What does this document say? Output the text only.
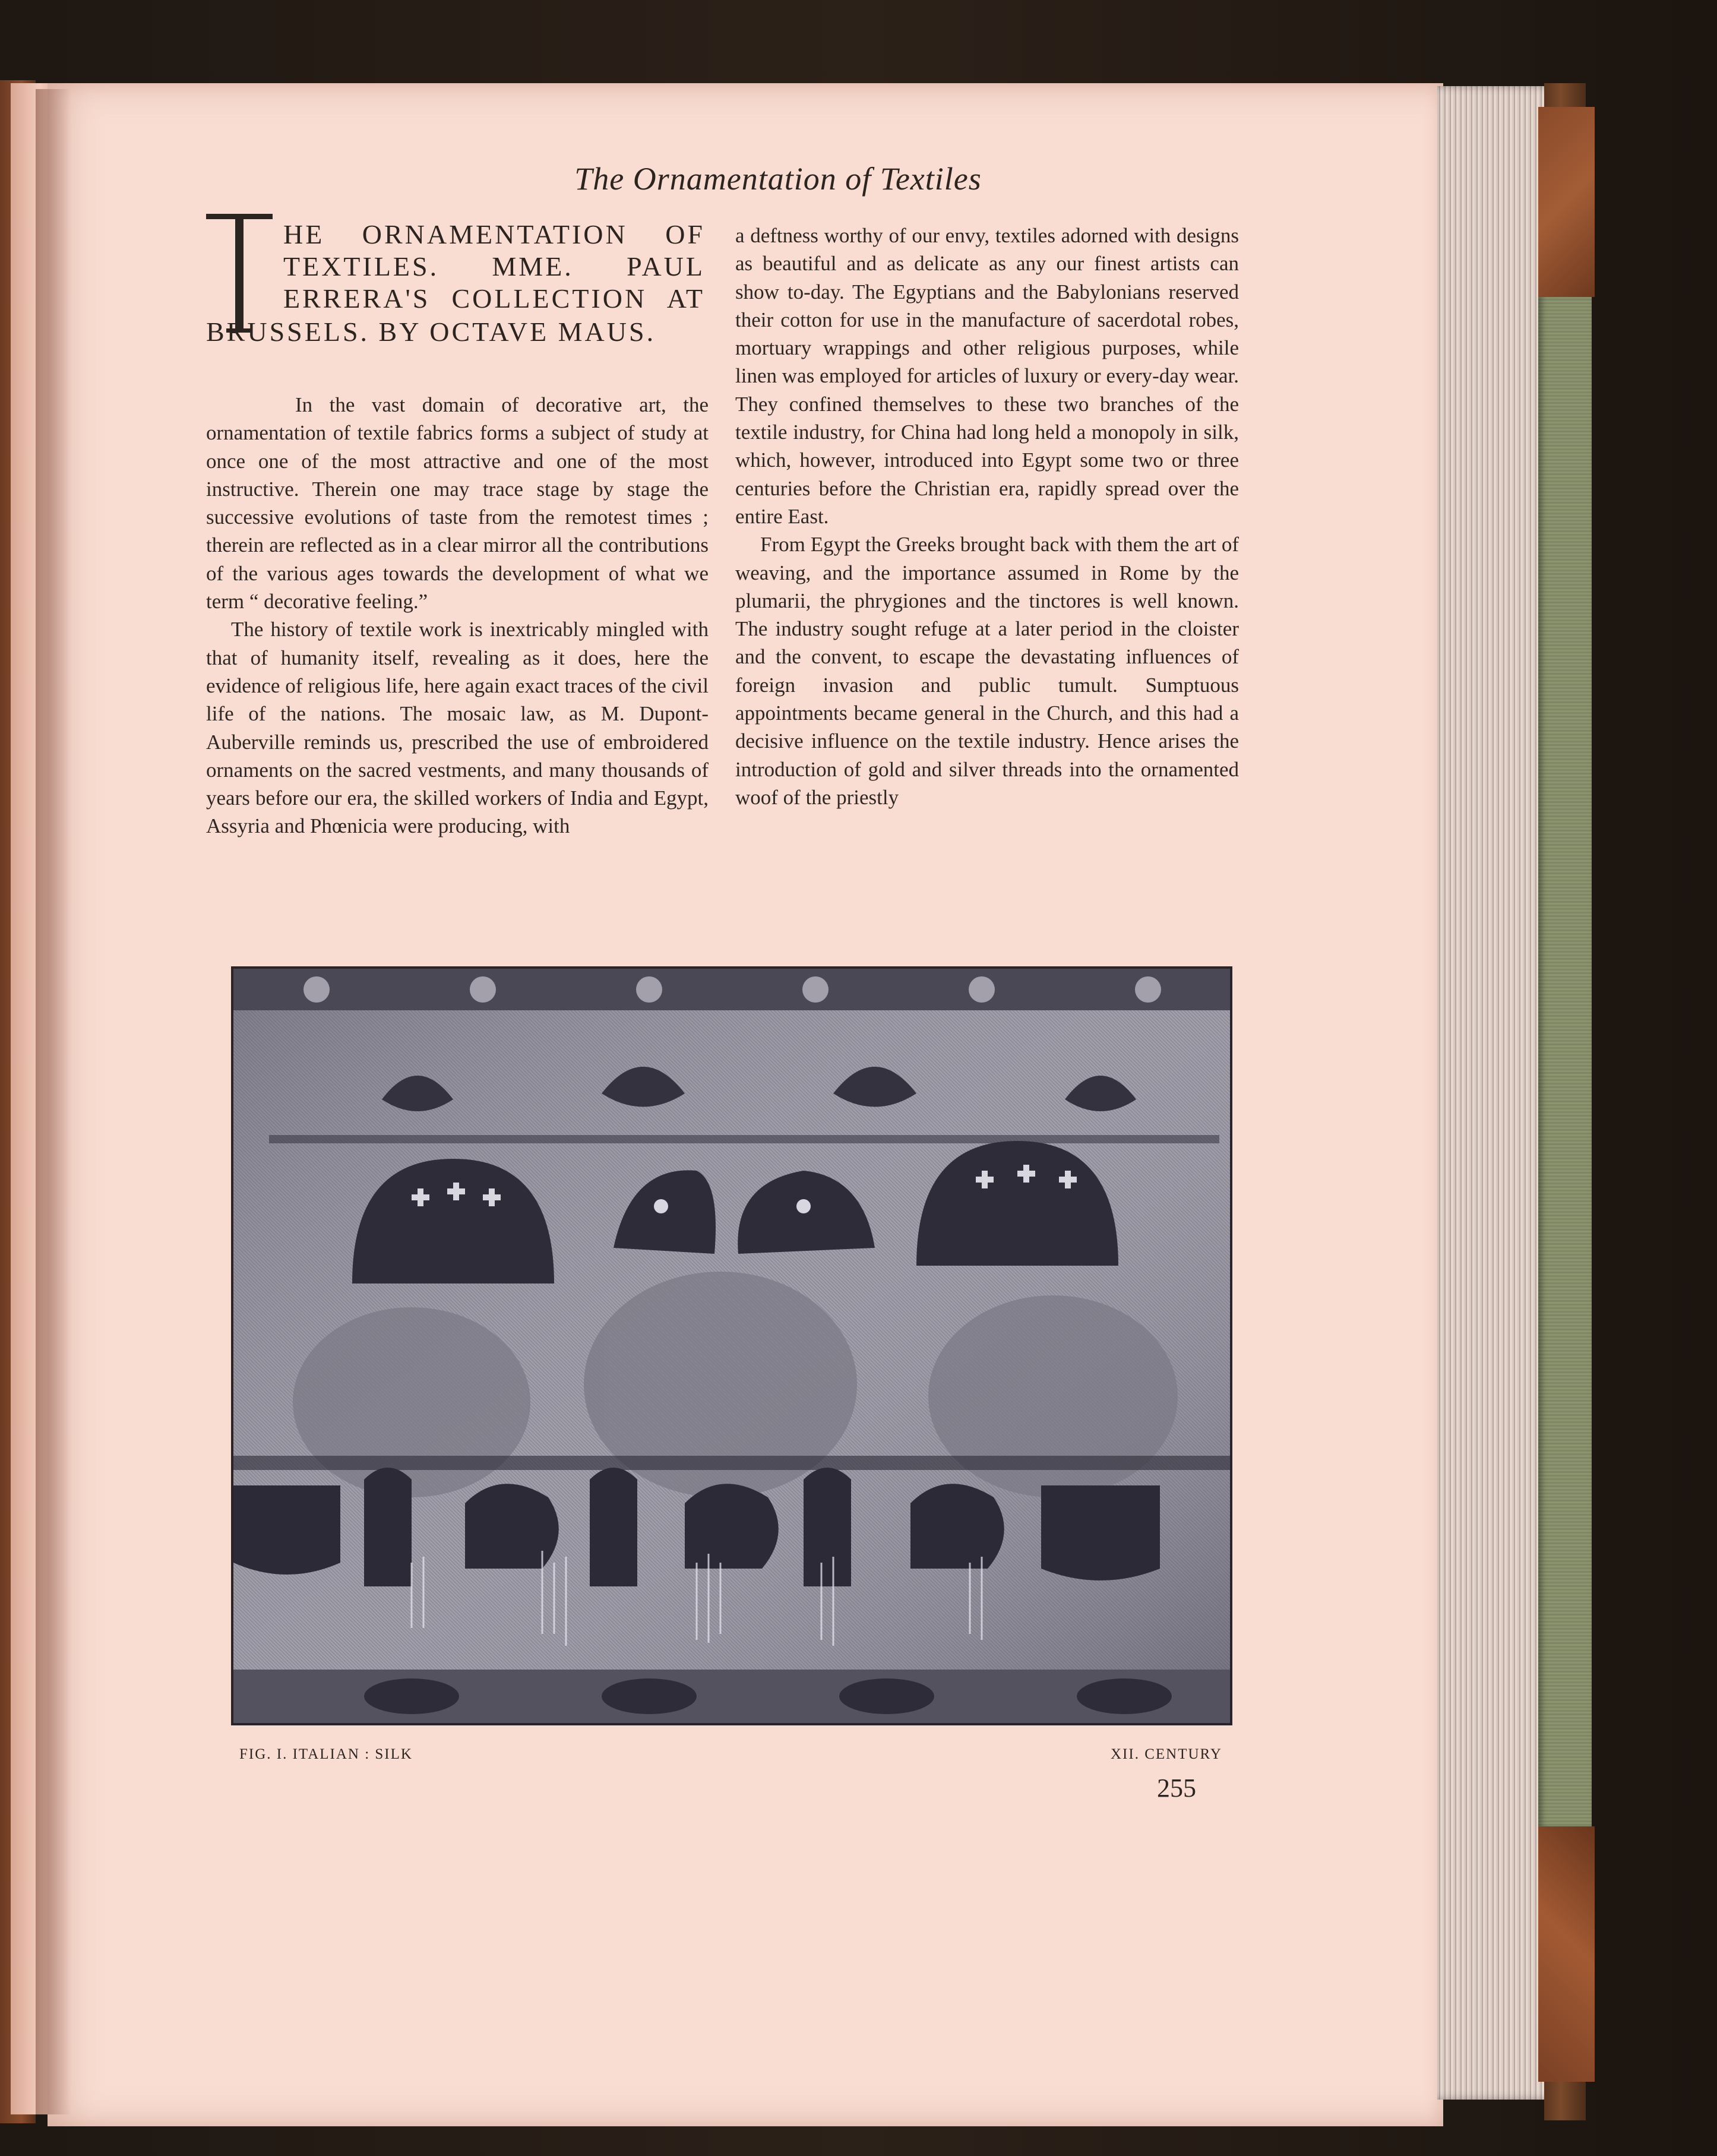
The Ornamentation of Textiles
HE ORNAMENTATION OF
TEXTILES. MME. PAUL
ERRERA'S COLLECTION AT
BRUSSELS. BY OCTAVE MAUS.

In the vast domain of decorative art, the ornamentation of textile fabrics forms a subject of study at once one of the most attractive and one of the most instructive. Therein one may trace stage by stage the successive evolutions of taste from the remotest times ; therein are reflected as in a clear mirror all the contributions of the various ages towards the development of what we term “ decorative feeling.”

The history of textile work is inextricably mingled with that of humanity itself, revealing as it does, here the evidence of religious life, here again exact traces of the civil life of the nations. The mosaic law, as M. Dupont-Auberville reminds us, prescribed the use of embroidered ornaments on the sacred vestments, and many thousands of years before our era, the skilled workers of India and Egypt, Assyria and Phœnicia were producing, with

a deftness worthy of our envy, textiles adorned with designs as beautiful and as delicate as any our finest artists can show to-day. The Egyptians and the Babylonians reserved their cotton for use in the manufacture of sacerdotal robes, mortuary wrappings and other religious purposes, while linen was employed for articles of luxury or every-day wear. They confined themselves to these two branches of the textile industry, for China had long held a monopoly in silk, which, however, introduced into Egypt some two or three centuries before the Christian era, rapidly spread over the entire East.

From Egypt the Greeks brought back with them the art of weaving, and the importance assumed in Rome by the plumarii, the phrygiones and the tinctores is well known. The industry sought refuge at a later period in the cloister and the convent, to escape the devastating influences of foreign invasion and public tumult. Sumptuous appointments became general in the Church, and this had a decisive influence on the textile industry. Hence arises the introduction of gold and silver threads into the ornamented woof of the priestly

FIG. I. ITALIAN : SILK	XII. CENTURY
255
